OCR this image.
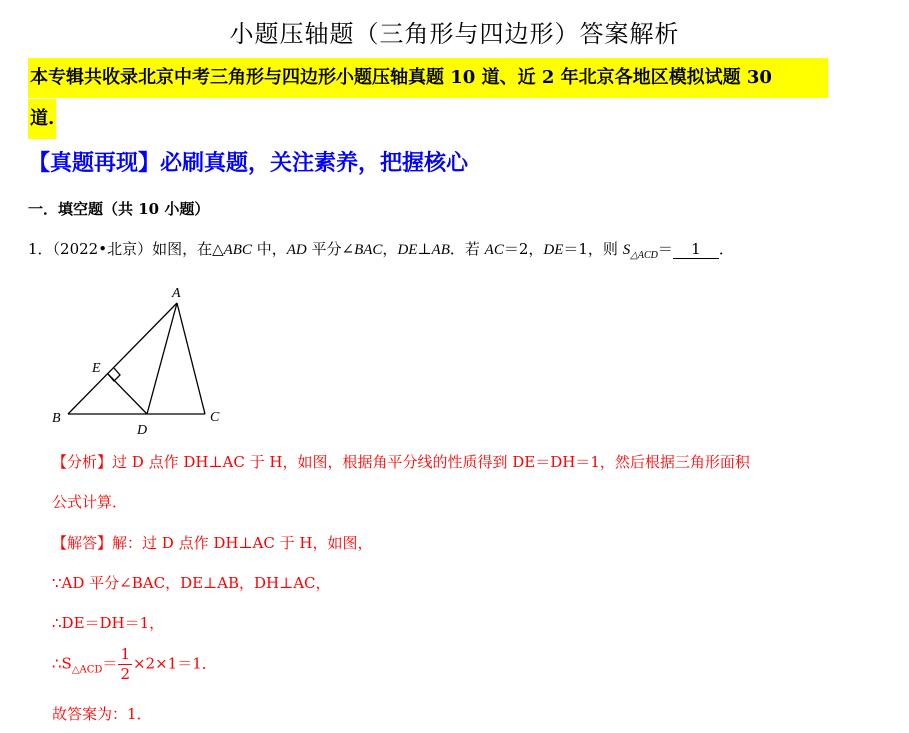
小题压轴题（三角形与四边形）答案解析
本专辑共收录北京中考三角形与四边形小题压轴真题 10 道、近 2 年北京各地区模拟试题 30
道.
【真题再现】必刷真题，关注素养，把握核心
一．填空题（共 10 小题）
1．（2022•北京）如图，在△ABC 中，AD 平分∠BAC，DE⊥AB．若 AC＝2，DE＝1，则 $S_{\triangle ACD}= 1$ ．
A
B	C
D
E
【分析】过 D 点作 DH⊥AC 于 H，如图，根据角平分线的性质得到 DE＝DH＝1，然后根据三角形面积
公式计算．
【解答】解：过 D 点作 DH⊥AC 于 H，如图，
∵AD 平分∠BAC，DE⊥AB，DH⊥AC，
∴DE＝DH＝1，
$\therefore S_{\triangle ACD}= \frac{1}{2} \times 2\times 1=1$．
故答案为：1．
